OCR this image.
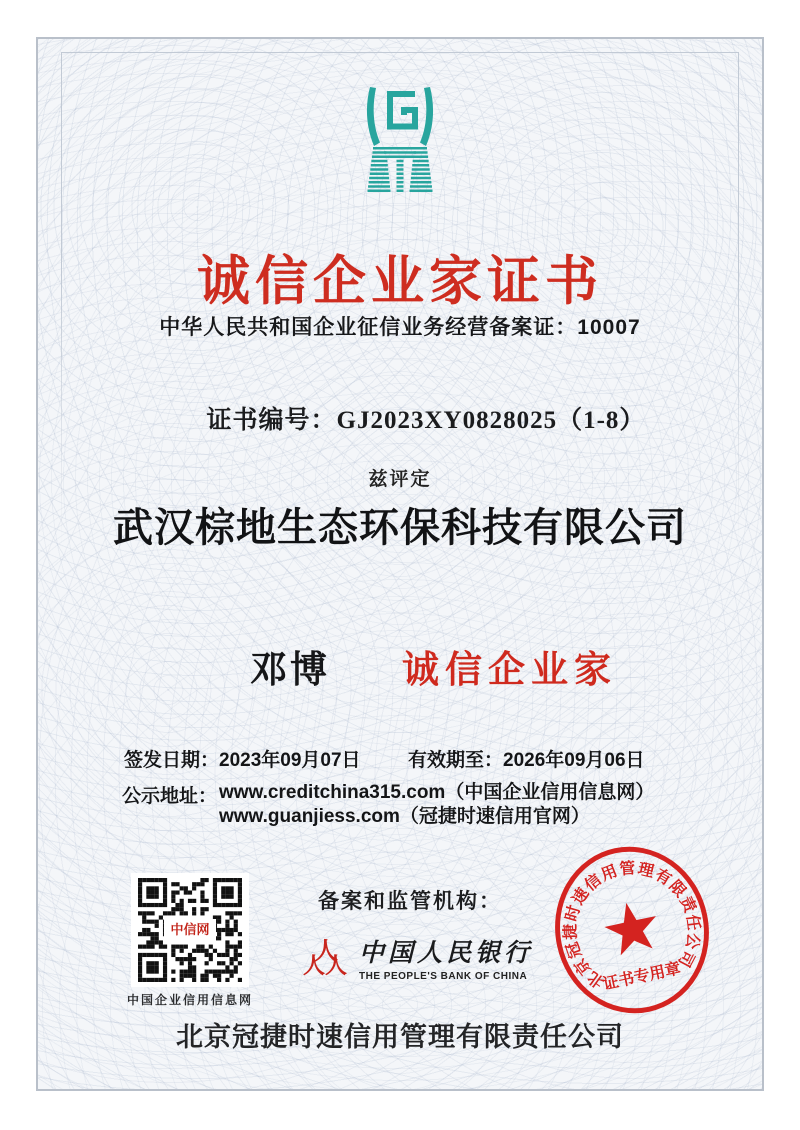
诚信企业家证书
中华人民共和国企业征信业务经营备案证：10007
证书编号：GJ2023XY0828025（1-8）
兹评定
武汉棕地生态环保科技有限公司
邓博 诚信企业家
签发日期：2023年09月07日 有效期至：2026年09月06日
公示地址： www.creditchina315.com（中国企业信用信息网）
www.guanjiess.com（冠捷时速信用官网）
中信网
中国企业信用信息网
备案和监管机构：
人
人 人 中国人民银行
THE PEOPLE'S BANK OF CHINA	北京冠捷时速信用管理有限责任公司
证书专用章
北京冠捷时速信用管理有限责任公司
